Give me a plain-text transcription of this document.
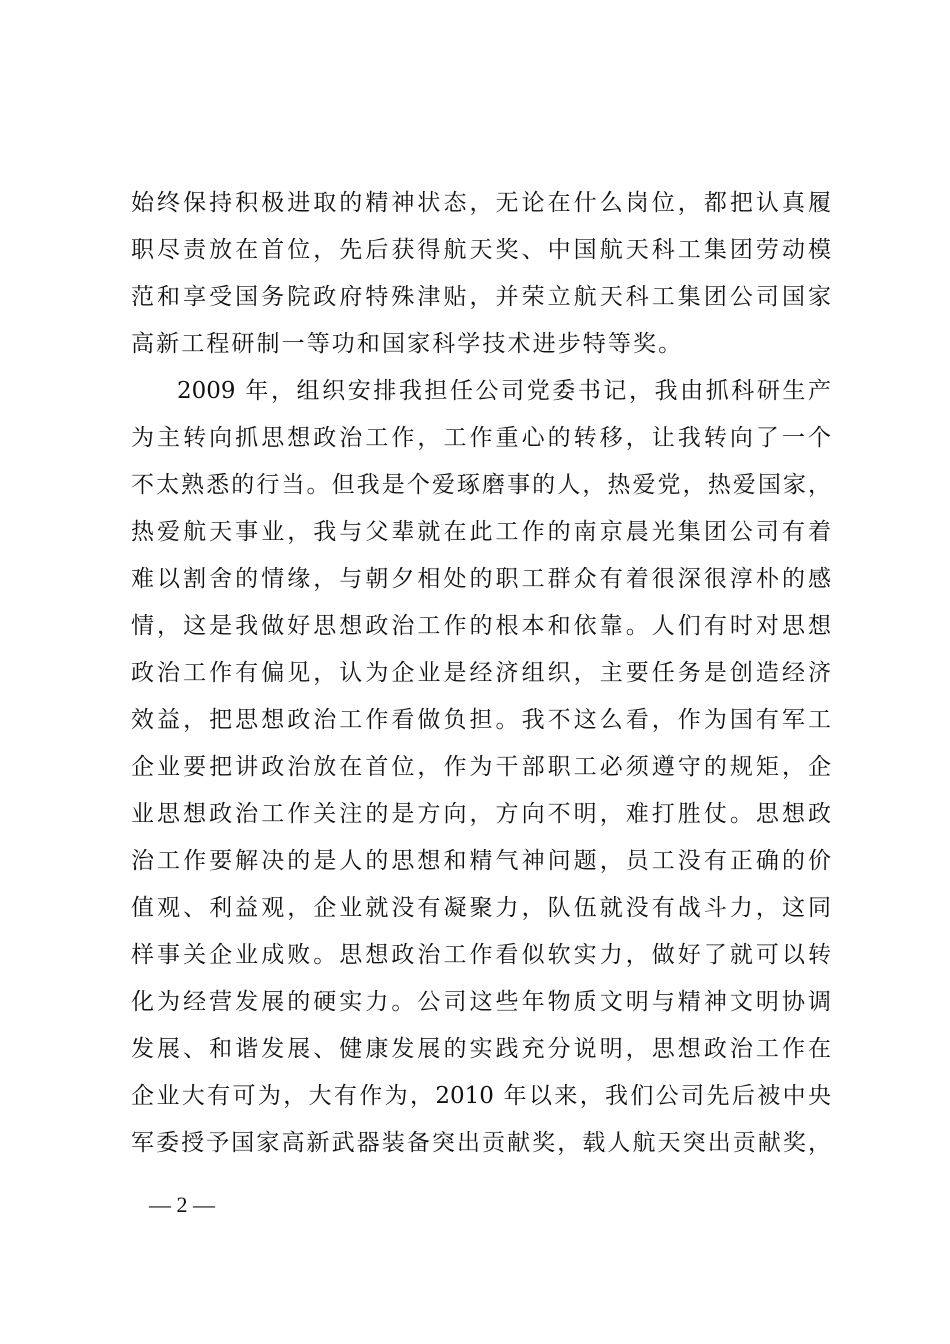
始终保持积极进取的精神状态，无论在什么岗位，都把认真履
职尽责放在首位，先后获得航天奖、中国航天科工集团劳动模
范和享受国务院政府特殊津贴，并荣立航天科工集团公司国家
高新工程研制一等功和国家科学技术进步特等奖。
2009 年，组织安排我担任公司党委书记，我由抓科研生产
为主转向抓思想政治工作，工作重心的转移，让我转向了一个
不太熟悉的行当。但我是个爱琢磨事的人，热爱党，热爱国家，
热爱航天事业，我与父辈就在此工作的南京晨光集团公司有着
难以割舍的情缘，与朝夕相处的职工群众有着很深很淳朴的感
情，这是我做好思想政治工作的根本和依靠。人们有时对思想
政治工作有偏见，认为企业是经济组织，主要任务是创造经济
效益，把思想政治工作看做负担。我不这么看，作为国有军工
企业要把讲政治放在首位，作为干部职工必须遵守的规矩，企
业思想政治工作关注的是方向，方向不明，难打胜仗。思想政
治工作要解决的是人的思想和精气神问题，员工没有正确的价
值观、利益观，企业就没有凝聚力，队伍就没有战斗力，这同
样事关企业成败。思想政治工作看似软实力，做好了就可以转
化为经营发展的硬实力。公司这些年物质文明与精神文明协调
发展、和谐发展、健康发展的实践充分说明，思想政治工作在
企业大有可为，大有作为，2010 年以来，我们公司先后被中央
军委授予国家高新武器装备突出贡献奖，载人航天突出贡献奖，
— 2 —
